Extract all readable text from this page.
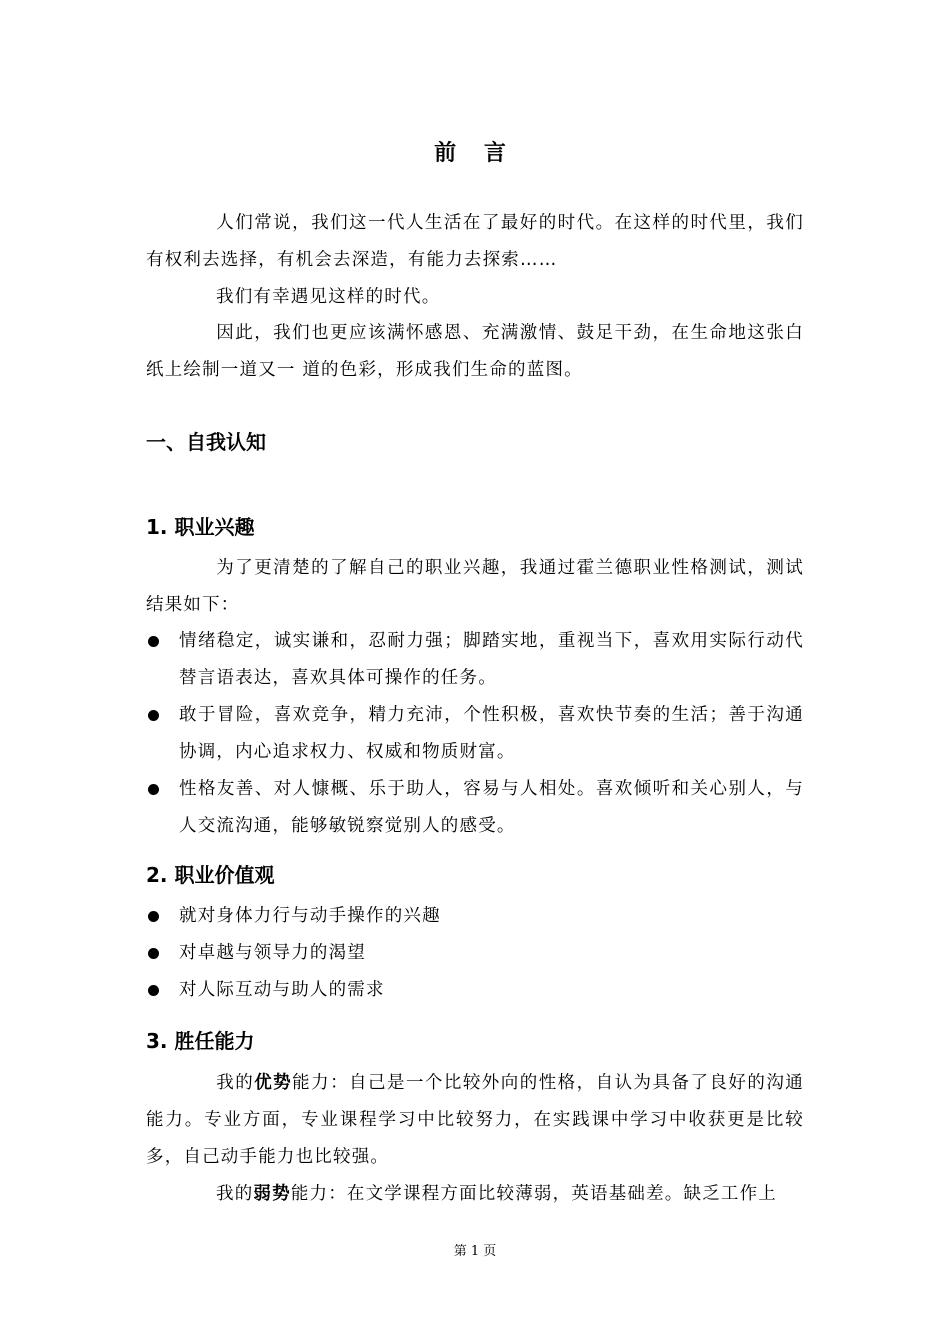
前 言
人们常说，我们这一代人生活在了最好的时代。在这样的时代里，我们有权利去选择，有机会去深造，有能力去探索……
我们有幸遇见这样的时代。
因此，我们也更应该满怀感恩、充满激情、鼓足干劲，在生命地这张白纸上绘制一道又一 道的色彩，形成我们生命的蓝图。
一、自我认知
1. 职业兴趣
为了更清楚的了解自己的职业兴趣，我通过霍兰德职业性格测试，测试结果如下：
情绪稳定，诚实谦和，忍耐力强；脚踏实地，重视当下，喜欢用实际行动代替言语表达，喜欢具体可操作的任务。
敢于冒险，喜欢竞争，精力充沛，个性积极，喜欢快节奏的生活；善于沟通协调，内心追求权力、权威和物质财富。
性格友善、对人慷概、乐于助人，容易与人相处。喜欢倾听和关心别人，与人交流沟通，能够敏锐察觉别人的感受。
2. 职业价值观
就对身体力行与动手操作的兴趣
对卓越与领导力的渴望
对人际互动与助人的需求
3. 胜任能力
我的优势能力：自己是一个比较外向的性格，自认为具备了良好的沟通能力。专业方面，专业课程学习中比较努力，在实践课中学习中收获更是比较多，自己动手能力也比较强。
我的弱势能力：在文学课程方面比较薄弱，英语基础差。缺乏工作上
第 1 页
